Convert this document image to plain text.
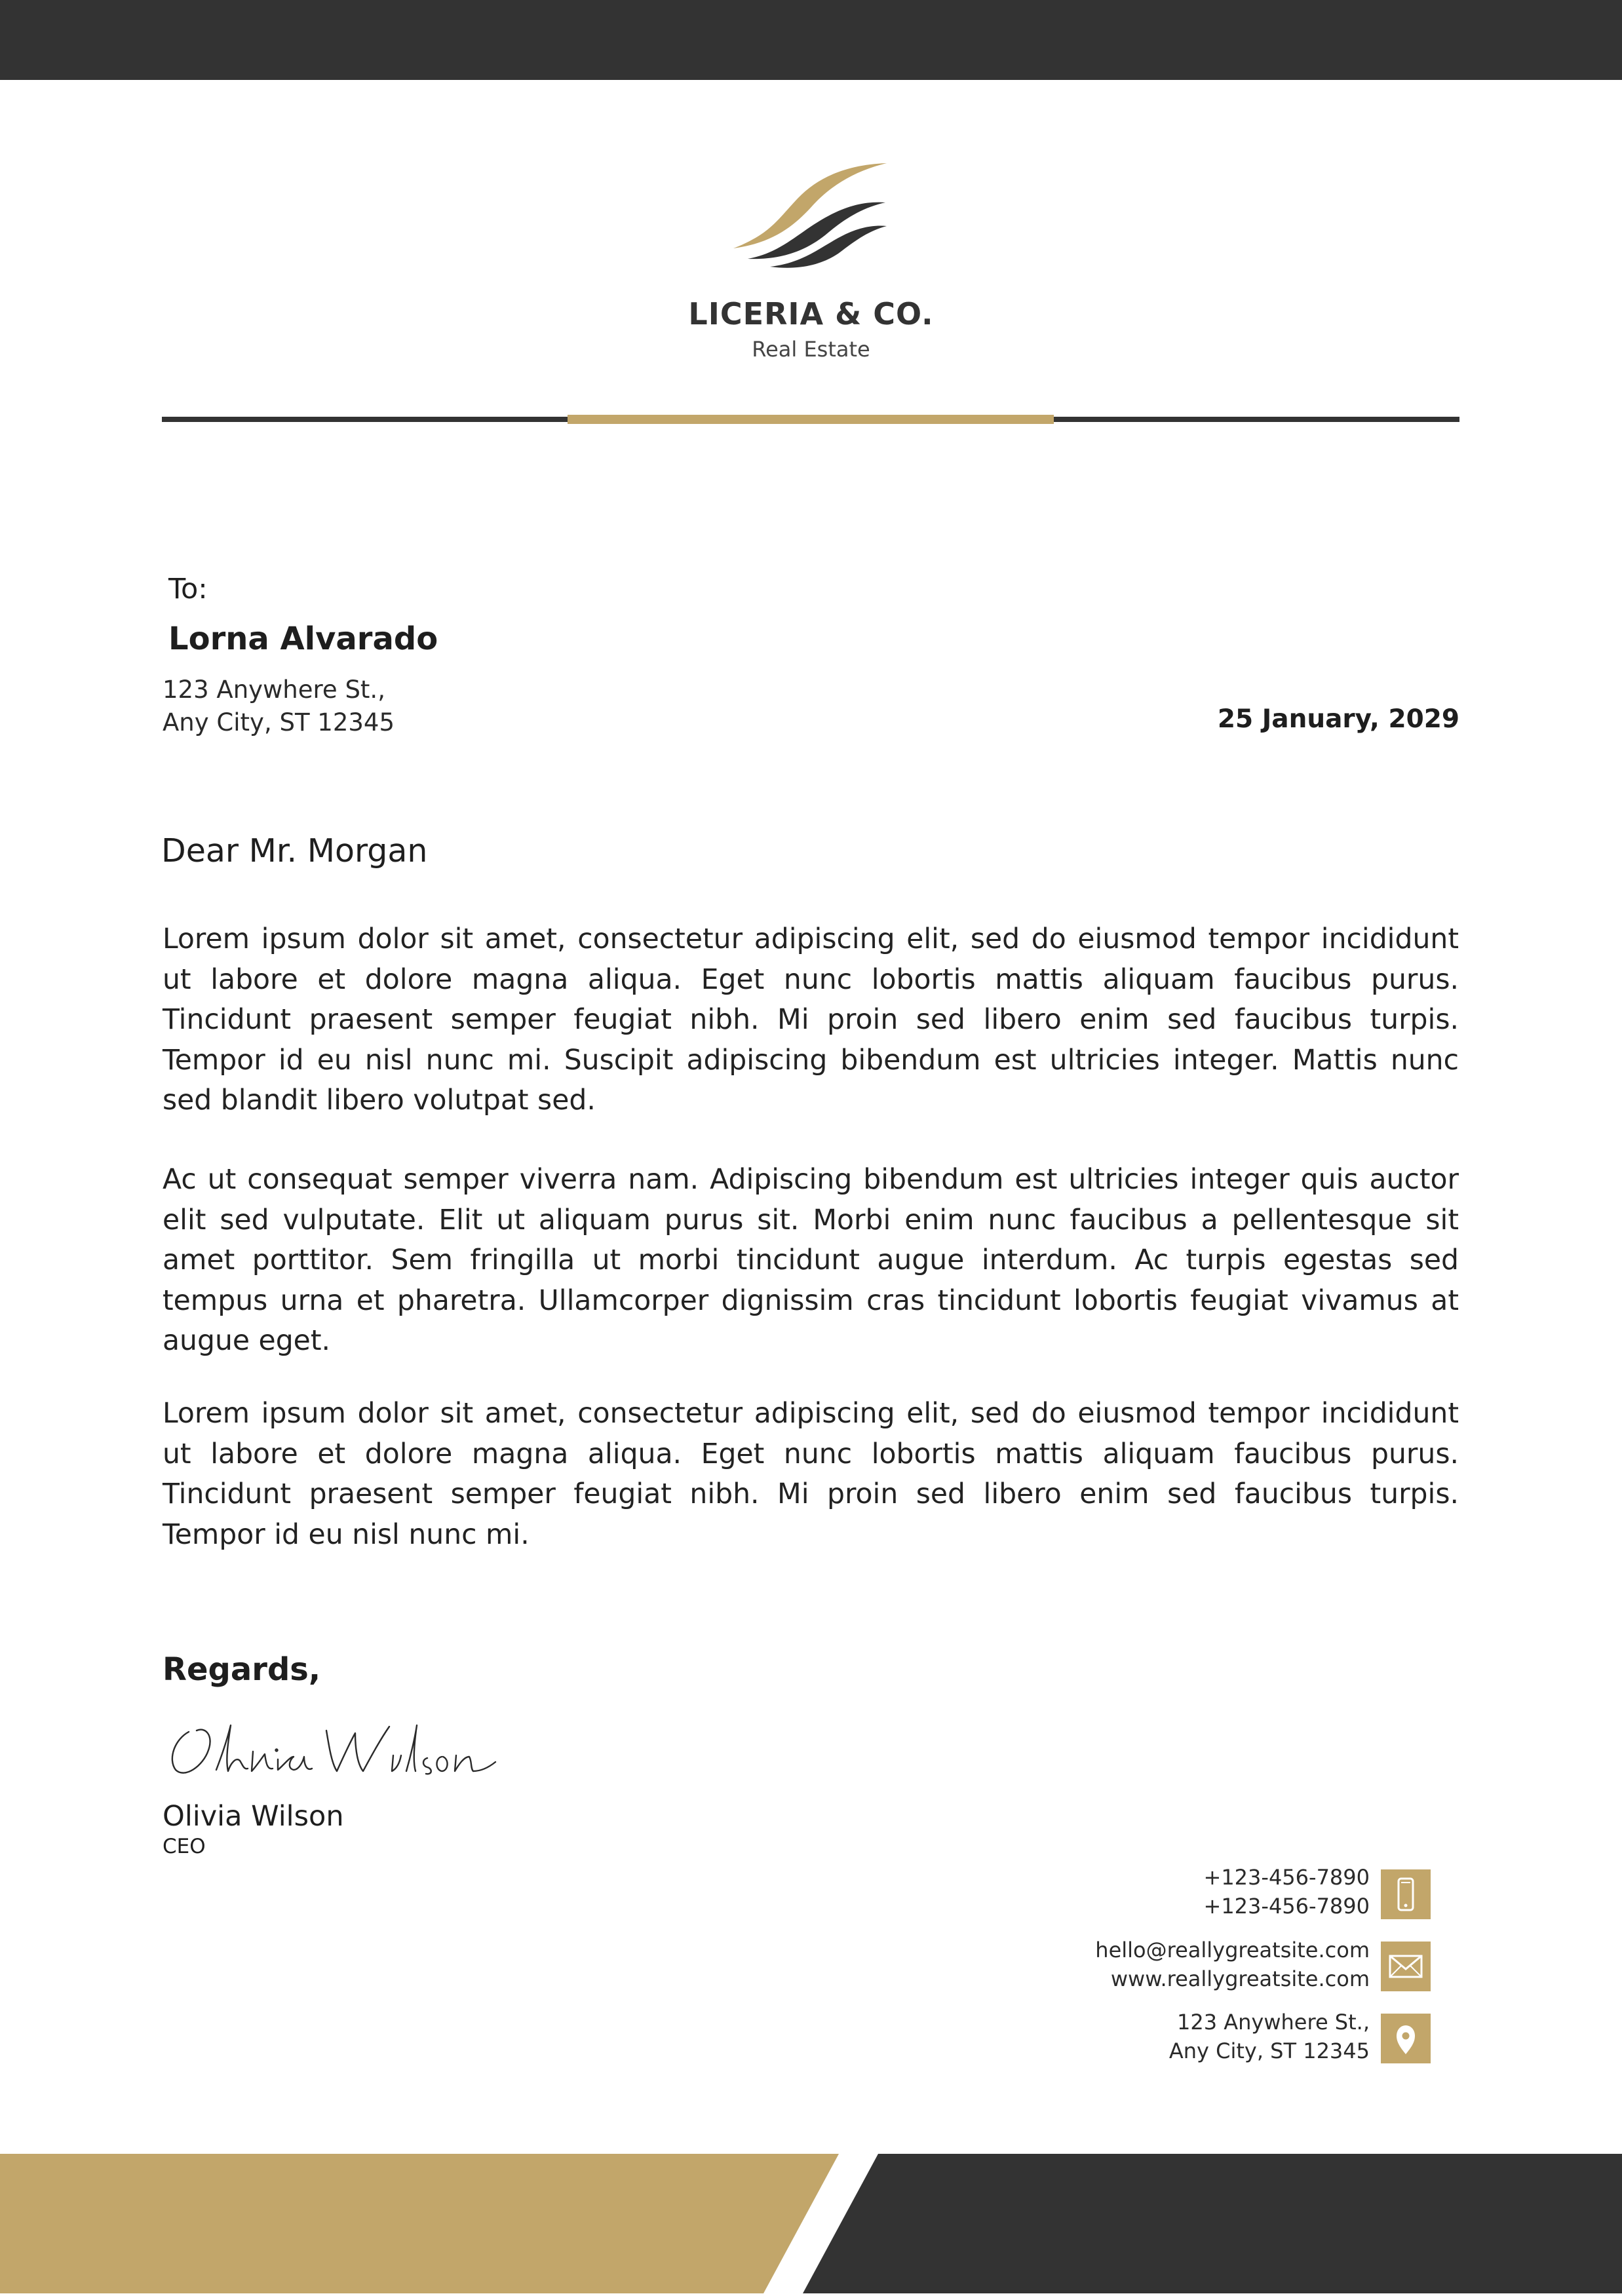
LICERIA & CO.
Real Estate
To:
Lorna Alvarado
123 Anywhere St.,
Any City, ST 12345	25 January, 2029
Dear Mr. Morgan
Lorem ipsum dolor sit amet, consectetur adipiscing elit, sed do eiusmod tempor incididunt ut labore et dolore magna aliqua. Eget nunc lobortis mattis aliquam faucibus purus. Tincidunt praesent semper feugiat nibh. Mi proin sed libero enim sed faucibus turpis. Tempor id eu nisl nunc mi. Suscipit adipiscing bibendum est ultricies integer. Mattis nunc sed blandit libero volutpat sed.
Ac ut consequat semper viverra nam. Adipiscing bibendum est ultricies integer quis auctor elit sed vulputate. Elit ut aliquam purus sit. Morbi enim nunc faucibus a pellentesque sit amet porttitor. Sem fringilla ut morbi tincidunt augue interdum. Ac turpis egestas sed tempus urna et pharetra. Ullamcorper dignissim cras tincidunt lobortis feugiat vivamus at augue eget.
Lorem ipsum dolor sit amet, consectetur adipiscing elit, sed do eiusmod tempor incididunt ut labore et dolore magna aliqua. Eget nunc lobortis mattis aliquam faucibus purus. Tincidunt praesent semper feugiat nibh. Mi proin sed libero enim sed faucibus turpis. Tempor id eu nisl nunc mi.
Regards,
Olivia Wilson
CEO
+123-456-7890
+123-456-7890
hello@reallygreatsite.com
www.reallygreatsite.com
123 Anywhere St.,
Any City, ST 12345
